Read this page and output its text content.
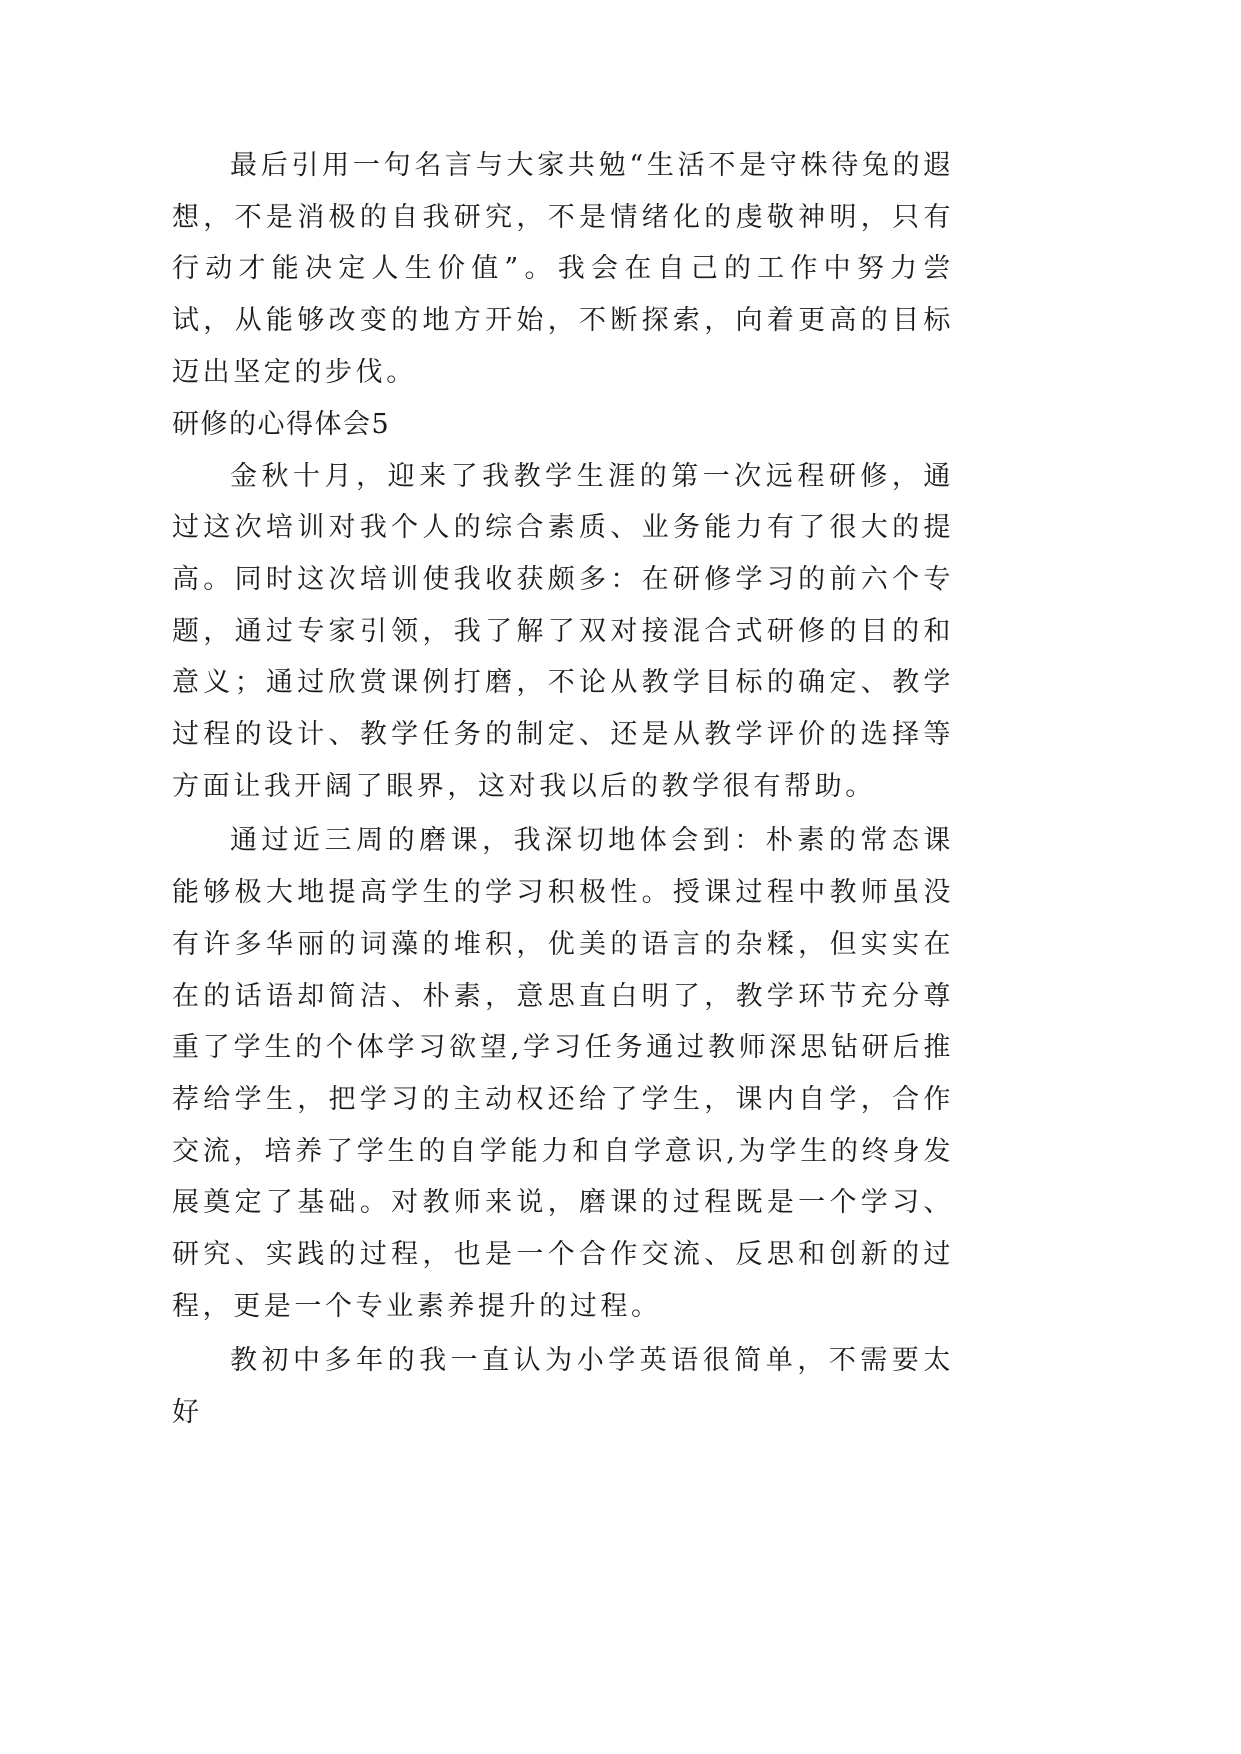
最后引用一句名言与大家共勉“生活不是守株待兔的遐想，不是消极的自我研究，不是情绪化的虔敬神明，只有行动才能决定人生价值”。我会在自己的工作中努力尝试，从能够改变的地方开始，不断探索，向着更高的目标迈出坚定的步伐。

研修的心得体会5

金秋十月，迎来了我教学生涯的第一次远程研修，通过这次培训对我个人的综合素质、业务能力有了很大的提高。同时这次培训使我收获颇多：在研修学习的前六个专题，通过专家引领，我了解了双对接混合式研修的目的和意义；通过欣赏课例打磨，不论从教学目标的确定、教学过程的设计、教学任务的制定、还是从教学评价的选择等方面让我开阔了眼界，这对我以后的教学很有帮助。

通过近三周的磨课，我深切地体会到：朴素的常态课能够极大地提高学生的学习积极性。授课过程中教师虽没有许多华丽的词藻的堆积，优美的语言的杂糅，但实实在在的话语却简洁、朴素，意思直白明了，教学环节充分尊重了学生的个体学习欲望,学习任务通过教师深思钻研后推荐给学生，把学习的主动权还给了学生，课内自学，合作交流，培养了学生的自学能力和自学意识,为学生的终身发展奠定了基础。对教师来说，磨课的过程既是一个学习、研究、实践的过程，也是一个合作交流、反思和创新的过程，更是一个专业素养提升的过程。

教初中多年的我一直认为小学英语很简单，不需要太好
